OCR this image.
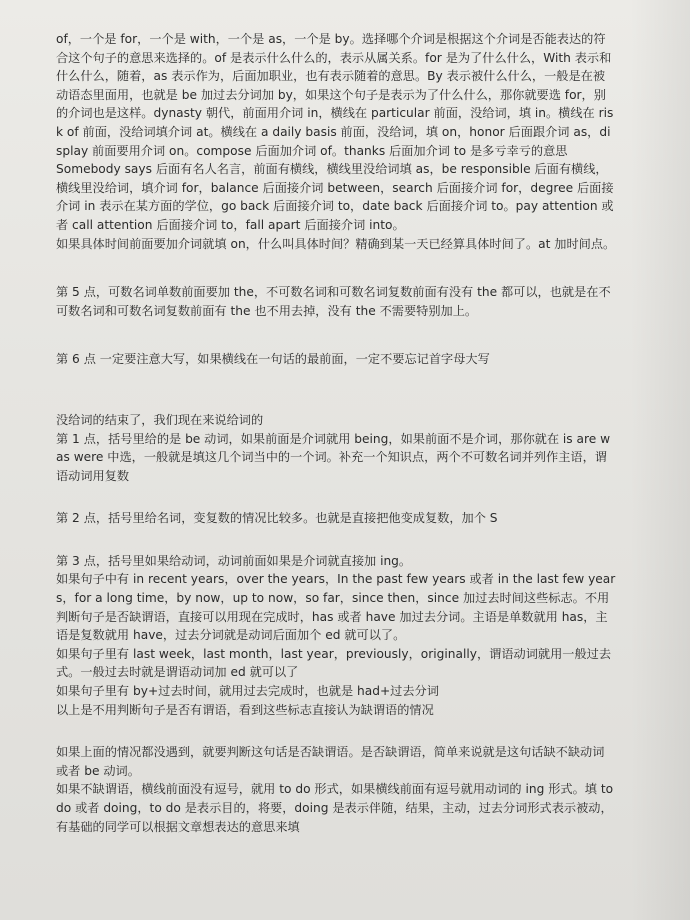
of，一个是 for，一个是 with，一个是 as，一个是 by。选择哪个介词是根据这个介词是否能表达的符合这个句子的意思来选择的。of 是表示什么什么的，表示从属关系。for 是为了什么什么，With 表示和什么什么，随着，as 表示作为，后面加职业，也有表示随着的意思。By 表示被什么什么，一般是在被动语态里面用，也就是 be 加过去分词加 by，如果这个句子是表示为了什么什么，那你就要选 for，别的介词也是这样。dynasty 朝代，前面用介词 in，横线在 particular 前面，没给词，填 in。横线在 risk of 前面，没给词填介词 at。横线在 a daily basis 前面，没给词，填 on，honor 后面跟介词 as，display 前面要用介词 on。compose 后面加介词 of。thanks 后面加介词 to 是多亏幸亏的意思

Somebody says 后面有名人名言，前面有横线，横线里没给词填 as，be responsible 后面有横线，横线里没给词，填介词 for，balance 后面接介词 between，search 后面接介词 for，degree 后面接介词 in 表示在某方面的学位，go back 后面接介词 to，date back 后面接介词 to。pay attention 或者 call attention 后面接介词 to，fall apart 后面接介词 into。

如果具体时间前面要加介词就填 on，什么叫具体时间？精确到某一天已经算具体时间了。at 加时间点。

第 5 点，可数名词单数前面要加 the，不可数名词和可数名词复数前面有没有 the 都可以，也就是在不可数名词和可数名词复数前面有 the 也不用去掉，没有 the 不需要特别加上。

第 6 点 一定要注意大写，如果横线在一句话的最前面，一定不要忘记首字母大写

没给词的结束了，我们现在来说给词的

第 1 点，括号里给的是 be 动词，如果前面是介词就用 being，如果前面不是介词，那你就在 is are was were 中选，一般就是填这几个词当中的一个词。补充一个知识点，两个不可数名词并列作主语，谓语动词用复数

第 2 点，括号里给名词，变复数的情况比较多。也就是直接把他变成复数，加个 S

第 3 点，括号里如果给动词，动词前面如果是介词就直接加 ing。

如果句子中有 in recent years，over the years，In the past few years 或者 in the last few years，for a long time，by now，up to now，so far，since then，since 加过去时间这些标志。不用判断句子是否缺谓语，直接可以用现在完成时，has 或者 have 加过去分词。主语是单数就用 has，主语是复数就用 have，过去分词就是动词后面加个 ed 就可以了。

如果句子里有 last week，last month，last year，previously，originally，谓语动词就用一般过去式。一般过去时就是谓语动词加 ed 就可以了

如果句子里有 by+过去时间，就用过去完成时，也就是 had+过去分词

以上是不用判断句子是否有谓语，看到这些标志直接认为缺谓语的情况

如果上面的情况都没遇到，就要判断这句话是否缺谓语。是否缺谓语，简单来说就是这句话缺不缺动词或者 be 动词。

如果不缺谓语，横线前面没有逗号，就用 to do 形式，如果横线前面有逗号就用动词的 ing 形式。填 to do 或者 doing，to do 是表示目的，将要，doing 是表示伴随，结果，主动，过去分词形式表示被动，有基础的同学可以根据文章想表达的意思来填
